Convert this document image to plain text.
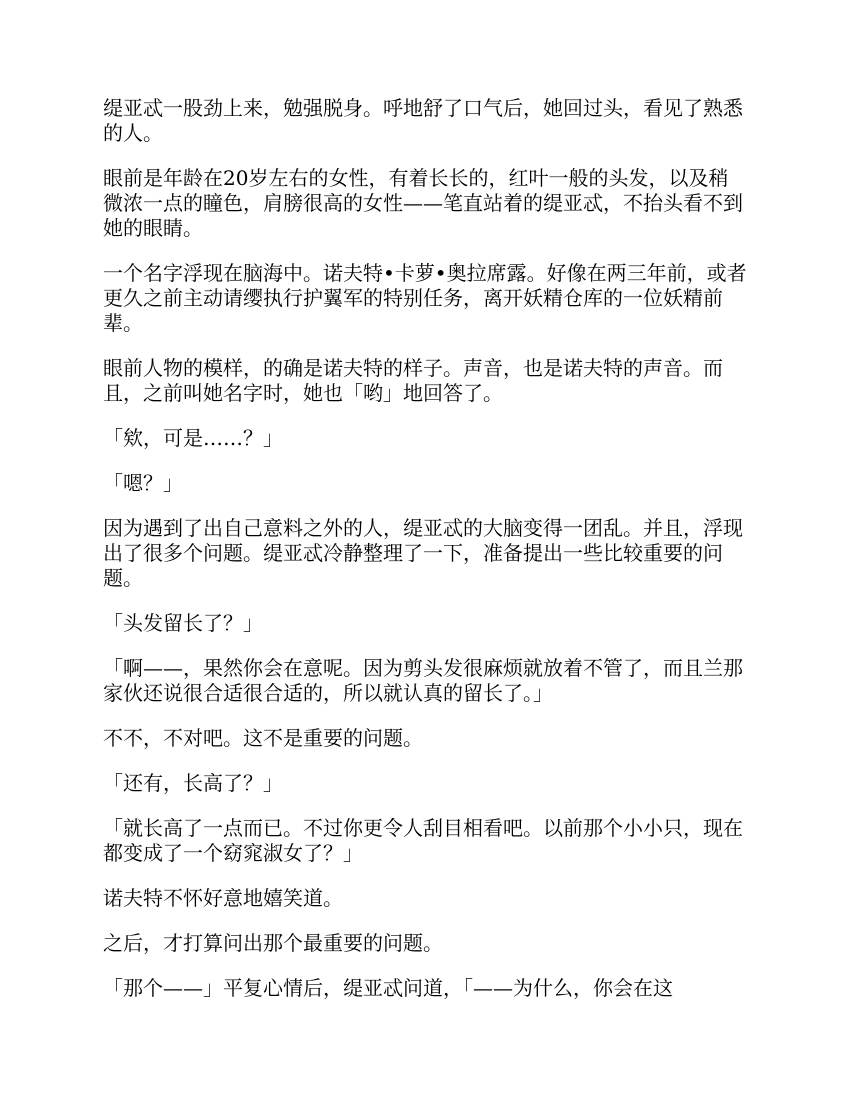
缇亚忒一股劲上来，勉强脱身。呼地舒了口气后，她回过头，看见了熟悉的人。

眼前是年龄在20岁左右的女性，有着长长的，红叶一般的头发，以及稍微浓一点的瞳色，肩膀很高的女性——笔直站着的缇亚忒，不抬头看不到她的眼睛。

一个名字浮现在脑海中。诺夫特•卡萝•奥拉席露。好像在两三年前，或者更久之前主动请缨执行护翼军的特别任务，离开妖精仓库的一位妖精前辈。

眼前人物的模样，的确是诺夫特的样子。声音，也是诺夫特的声音。而且，之前叫她名字时，她也「哟」地回答了。

「欸，可是……？」

「嗯？」

因为遇到了出自己意料之外的人，缇亚忒的大脑变得一团乱。并且，浮现出了很多个问题。缇亚忒冷静整理了一下，准备提出一些比较重要的问题。

「头发留长了？」

「啊——，果然你会在意呢。因为剪头发很麻烦就放着不管了，而且兰那家伙还说很合适很合适的，所以就认真的留长了。」

不不，不对吧。这不是重要的问题。

「还有，长高了？」

「就长高了一点而已。不过你更令人刮目相看吧。以前那个小小只，现在都变成了一个窈窕淑女了？」

诺夫特不怀好意地嬉笑道。

之后，才打算问出那个最重要的问题。

「那个——」平复心情后，缇亚忒问道，「——为什么，你会在这
